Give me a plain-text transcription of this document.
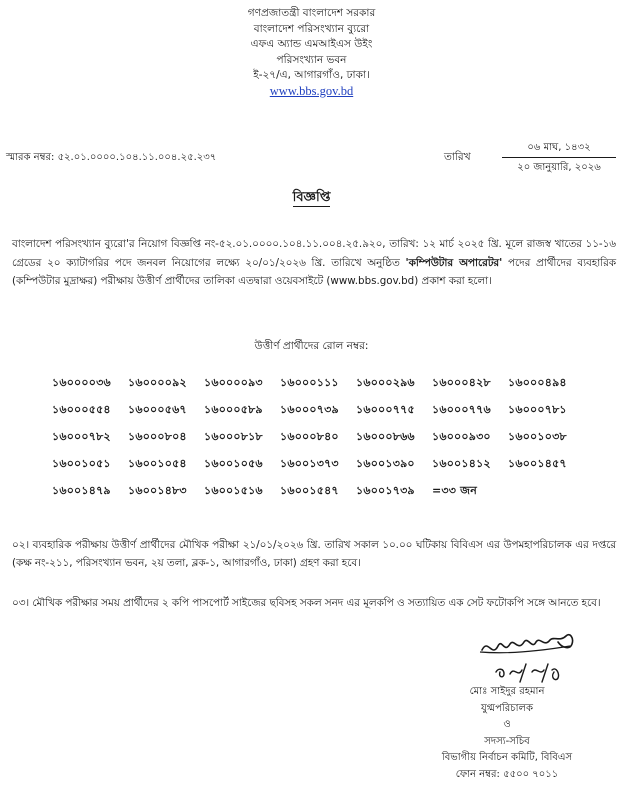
গণপ্রজাতন্ত্রী বাংলাদেশ সরকার
বাংলাদেশ পরিসংখ্যান ব্যুরো
এফএ অ্যান্ড এমআইএস উইং
পরিসংখ্যান ভবন
ই-২৭/এ, আগারগাঁও, ঢাকা।
www.bbs.gov.bd
স্মারক নম্বর: ৫২.০১.০০০০.১০৪.১১.০০৪.২৫.২৩৭	তারিখ
০৬ মাঘ, ১৪৩২
২০ জানুয়ারি, ২০২৬
বিজ্ঞপ্তি
বাংলাদেশ পরিসংখ্যান ব্যুরো'র নিয়োগ বিজ্ঞপ্তি নং-৫২.০১.০০০০.১০৪.১১.০০৪.২৫.৯২০, তারিখ: ১২ মার্চ ২০২৫ খ্রি. মূলে রাজস্ব খাতের ১১-১৬ গ্রেডের ২০ ক্যাটাগরির পদে জনবল নিয়োগের লক্ষ্যে ২০/০১/২০২৬ খ্রি. তারিখে অনুষ্ঠিত 'কম্পিউটার অপারেটর' পদের প্রার্থীদের ব্যবহারিক (কম্পিউটার মুদ্রাক্ষর) পরীক্ষায় উত্তীর্ণ প্রার্থীদের তালিকা এতদ্বারা ওয়েবসাইটে (www.bbs.gov.bd) প্রকাশ করা হলো।
উত্তীর্ণ প্রার্থীদের রোল নম্বর:
১৬০০০০৩৬	১৬০০০০৯২	১৬০০০০৯৩	১৬০০০১১১	১৬০০০২৯৬	১৬০০০৪২৮	১৬০০০৪৯৪
১৬০০০৫৫৪	১৬০০০৫৬৭	১৬০০০৫৮৯	১৬০০০৭৩৯	১৬০০০৭৭৫	১৬০০০৭৭৬	১৬০০০৭৮১
১৬০০০৭৮২	১৬০০০৮০৪	১৬০০০৮১৮	১৬০০০৮৪০	১৬০০০৮৬৬	১৬০০০৯৩০	১৬০০১০৩৮
১৬০০১০৫১	১৬০০১০৫৪	১৬০০১০৫৬	১৬০০১৩৭৩	১৬০০১৩৯০	১৬০০১৪১২	১৬০০১৪৫৭
১৬০০১৪৭৯	১৬০০১৪৮৩	১৬০০১৫১৬	১৬০০১৫৪৭	১৬০০১৭৩৯	=৩৩ জন
০২। ব্যবহারিক পরীক্ষায় উত্তীর্ণ প্রার্থীদের মৌখিক পরীক্ষা ২১/০১/২০২৬ খ্রি. তারিখ সকাল ১০.০০ ঘটিকায় বিবিএস এর উপমহাপরিচালক এর দপ্তরে (কক্ষ নং-২১১, পরিসংখ্যান ভবন, ২য় তলা, ব্লক-১, আগারগাঁও, ঢাকা) গ্রহণ করা হবে।
০৩। মৌখিক পরীক্ষার সময় প্রার্থীদের ২ কপি পাসপোর্ট সাইজের ছবিসহ সকল সনদ এর মূলকপি ও সত্যায়িত এক সেট ফটোকপি সঙ্গে আনতে হবে।
মোঃ সাইদুর রহমান
যুগ্মপরিচালক
ও
সদস্য-সচিব
বিভাগীয় নির্বাচন কমিটি, বিবিএস
ফোন নম্বর: ৫৫০০ ৭০১১
